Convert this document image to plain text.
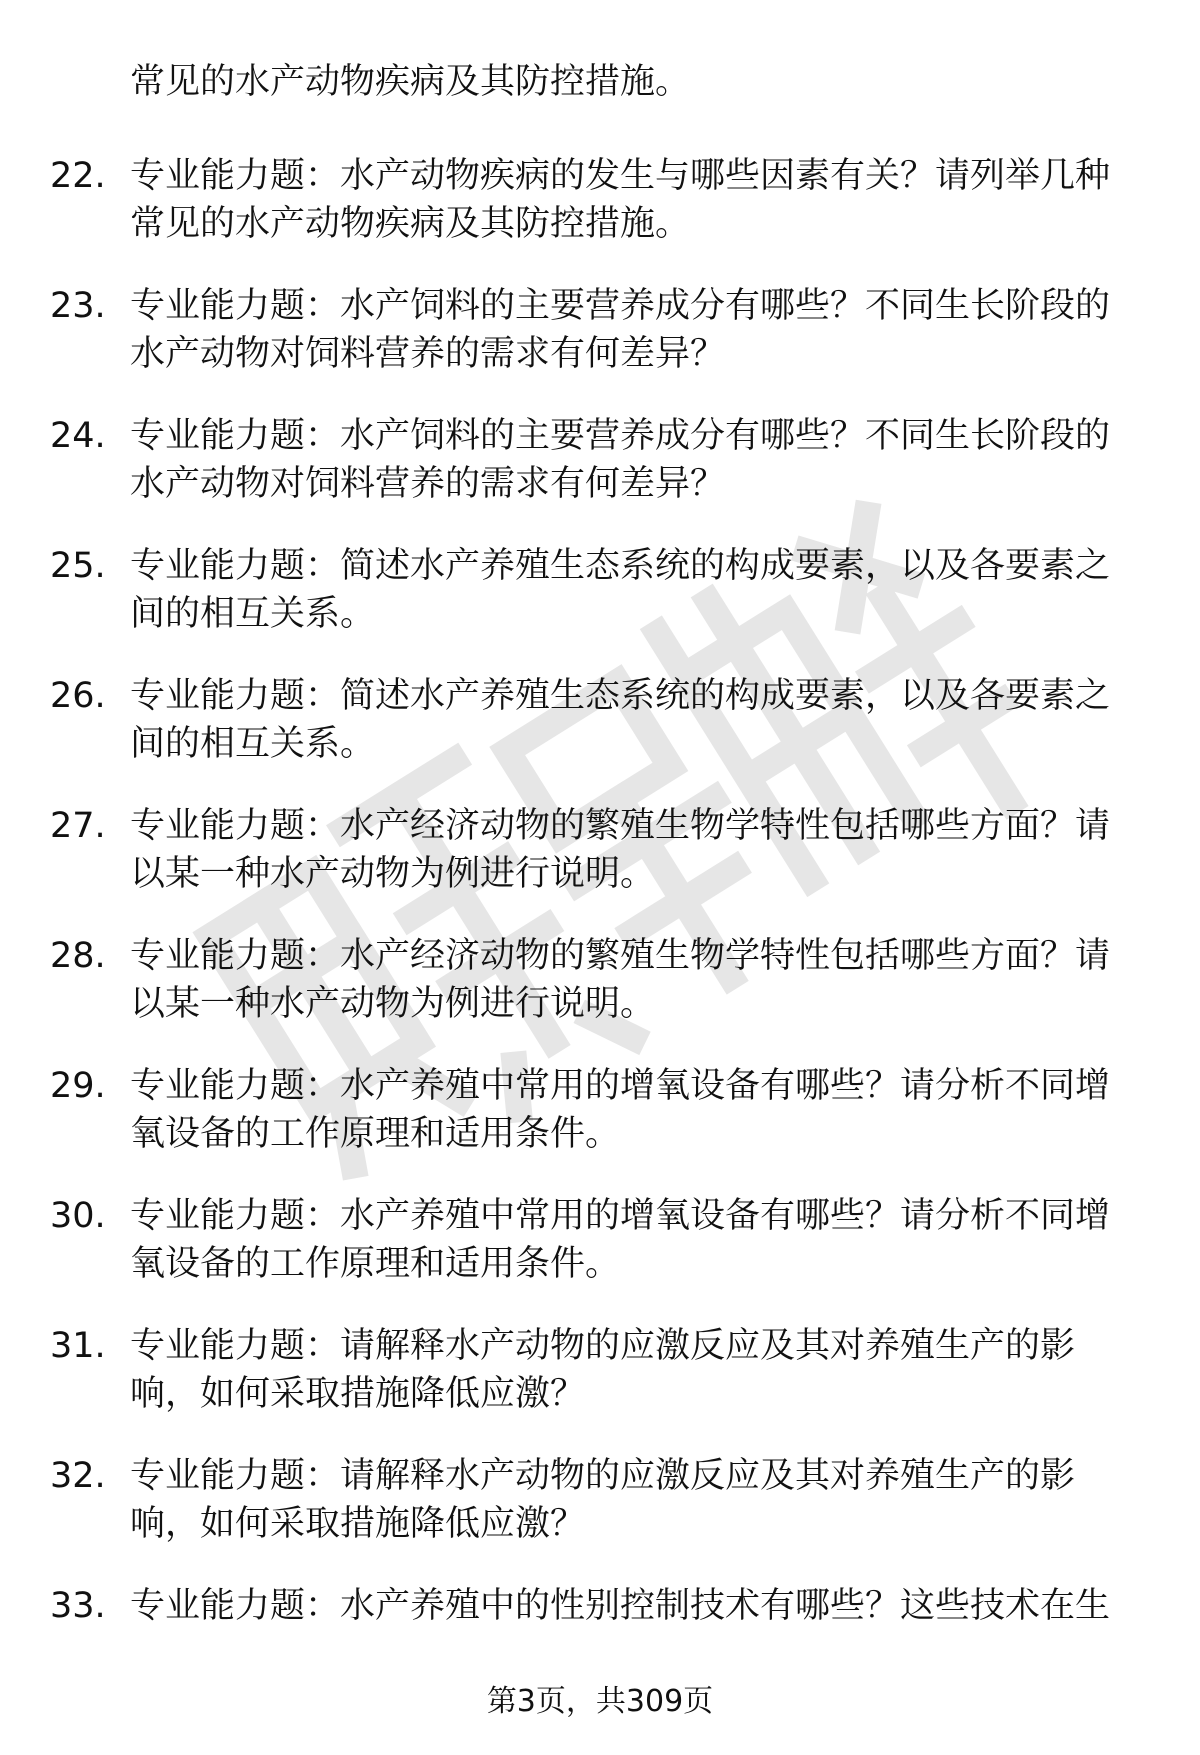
常见的水产动物疾病及其防控措施。
22. 专业能力题：水产动物疾病的发生与哪些因素有关？请列举几种常见的水产动物疾病及其防控措施。
23. 专业能力题：水产饲料的主要营养成分有哪些？不同生长阶段的水产动物对饲料营养的需求有何差异？
24. 专业能力题：水产饲料的主要营养成分有哪些？不同生长阶段的水产动物对饲料营养的需求有何差异？
25. 专业能力题：简述水产养殖生态系统的构成要素，以及各要素之间的相互关系。
26. 专业能力题：简述水产养殖生态系统的构成要素，以及各要素之间的相互关系。
27. 专业能力题：水产经济动物的繁殖生物学特性包括哪些方面？请以某一种水产动物为例进行说明。
28. 专业能力题：水产经济动物的繁殖生物学特性包括哪些方面？请以某一种水产动物为例进行说明。
29. 专业能力题：水产养殖中常用的增氧设备有哪些？请分析不同增氧设备的工作原理和适用条件。
30. 专业能力题：水产养殖中常用的增氧设备有哪些？请分析不同增氧设备的工作原理和适用条件。
31. 专业能力题：请解释水产动物的应激反应及其对养殖生产的影响，如何采取措施降低应激？
32. 专业能力题：请解释水产动物的应激反应及其对养殖生产的影响，如何采取措施降低应激？
33. 专业能力题：水产养殖中的性别控制技术有哪些？这些技术在生
第3页，共309页
